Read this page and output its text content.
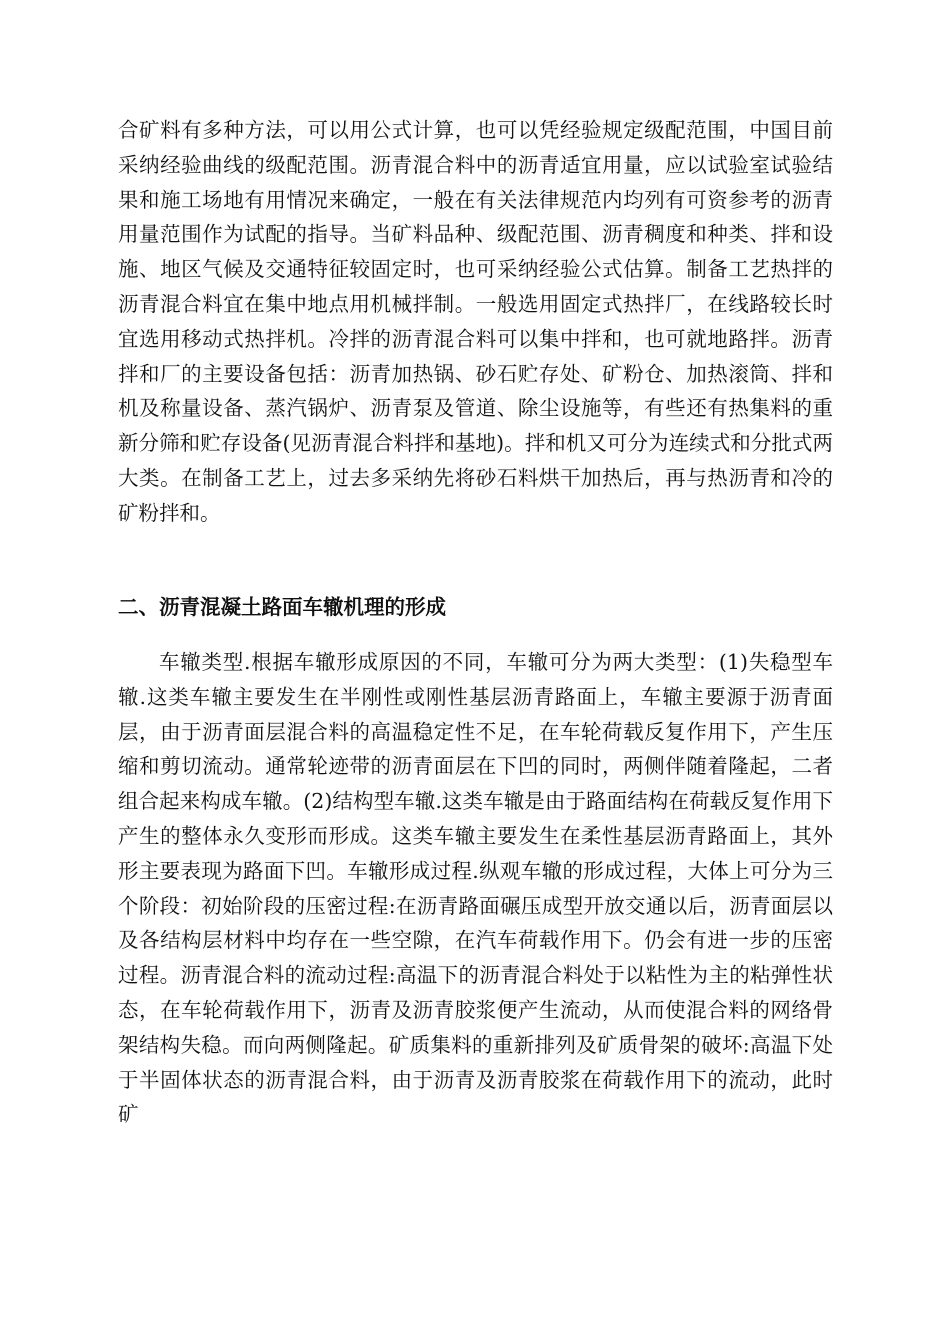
合矿料有多种方法，可以用公式计算，也可以凭经验规定级配范围，中国目前采纳经验曲线的级配范围。沥青混合料中的沥青适宜用量，应以试验室试验结果和施工场地有用情况来确定，一般在有关法律规范内均列有可资参考的沥青用量范围作为试配的指导。当矿料品种、级配范围、沥青稠度和种类、拌和设施、地区气候及交通特征较固定时，也可采纳经验公式估算。制备工艺热拌的沥青混合料宜在集中地点用机械拌制。一般选用固定式热拌厂，在线路较长时宜选用移动式热拌机。冷拌的沥青混合料可以集中拌和，也可就地路拌。沥青拌和厂的主要设备包括：沥青加热锅、砂石贮存处、矿粉仓、加热滚筒、拌和机及称量设备、蒸汽锅炉、沥青泵及管道、除尘设施等，有些还有热集料的重新分筛和贮存设备(见沥青混合料拌和基地)。拌和机又可分为连续式和分批式两大类。在制备工艺上，过去多采纳先将砂石料烘干加热后，再与热沥青和冷的矿粉拌和。

二、沥青混凝土路面车辙机理的形成

车辙类型.根据车辙形成原因的不同，车辙可分为两大类型：(1)失稳型车辙.这类车辙主要发生在半刚性或刚性基层沥青路面上，车辙主要源于沥青面层，由于沥青面层混合料的高温稳定性不足，在车轮荷载反复作用下，产生压缩和剪切流动。通常轮迹带的沥青面层在下凹的同时，两侧伴随着隆起，二者组合起来构成车辙。(2)结构型车辙.这类车辙是由于路面结构在荷载反复作用下产生的整体永久变形而形成。这类车辙主要发生在柔性基层沥青路面上，其外形主要表现为路面下凹。车辙形成过程.纵观车辙的形成过程，大体上可分为三个阶段：初始阶段的压密过程:在沥青路面碾压成型开放交通以后，沥青面层以及各结构层材料中均存在一些空隙，在汽车荷载作用下。仍会有进一步的压密过程。沥青混合料的流动过程:高温下的沥青混合料处于以粘性为主的粘弹性状态，在车轮荷载作用下，沥青及沥青胶浆便产生流动，从而使混合料的网络骨架结构失稳。而向两侧隆起。矿质集料的重新排列及矿质骨架的破坏:高温下处于半固体状态的沥青混合料，由于沥青及沥青胶浆在荷载作用下的流动，此时矿
